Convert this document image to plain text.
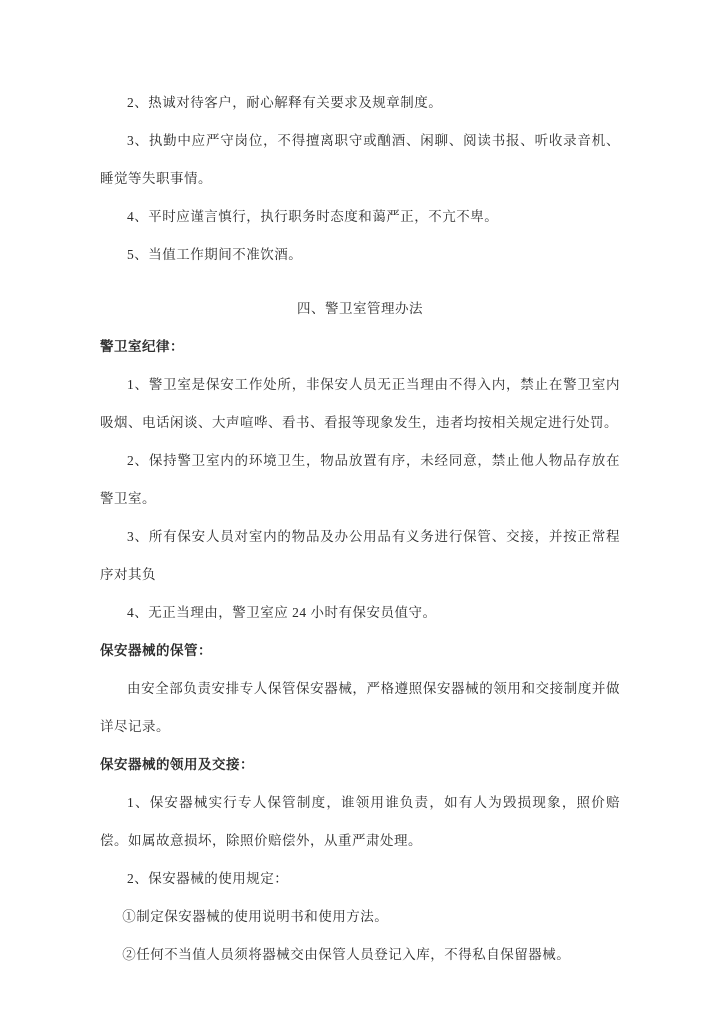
2、热诚对待客户，耐心解释有关要求及规章制度。

3、执勤中应严守岗位，不得擅离职守或酗酒、闲聊、阅读书报、听收录音机、睡觉等失职事情。

4、平时应谨言慎行，执行职务时态度和蔼严正，不亢不卑。

5、当值工作期间不准饮酒。

四、警卫室管理办法

警卫室纪律：

1、警卫室是保安工作处所，非保安人员无正当理由不得入内，禁止在警卫室内吸烟、电话闲谈、大声喧哗、看书、看报等现象发生，违者均按相关规定进行处罚。

2、保持警卫室内的环境卫生，物品放置有序，未经同意，禁止他人物品存放在警卫室。

3、所有保安人员对室内的物品及办公用品有义务进行保管、交接，并按正常程序对其负

4、无正当理由，警卫室应 24 小时有保安员值守。

保安器械的保管：

由安全部负责安排专人保管保安器械，严格遵照保安器械的领用和交接制度并做详尽记录。

保安器械的领用及交接：

1、保安器械实行专人保管制度，谁领用谁负责，如有人为毁损现象，照价赔偿。如属故意损坏，除照价赔偿外，从重严肃处理。

2、保安器械的使用规定：

①制定保安器械的使用说明书和使用方法。

②任何不当值人员须将器械交由保管人员登记入库，不得私自保留器械。
